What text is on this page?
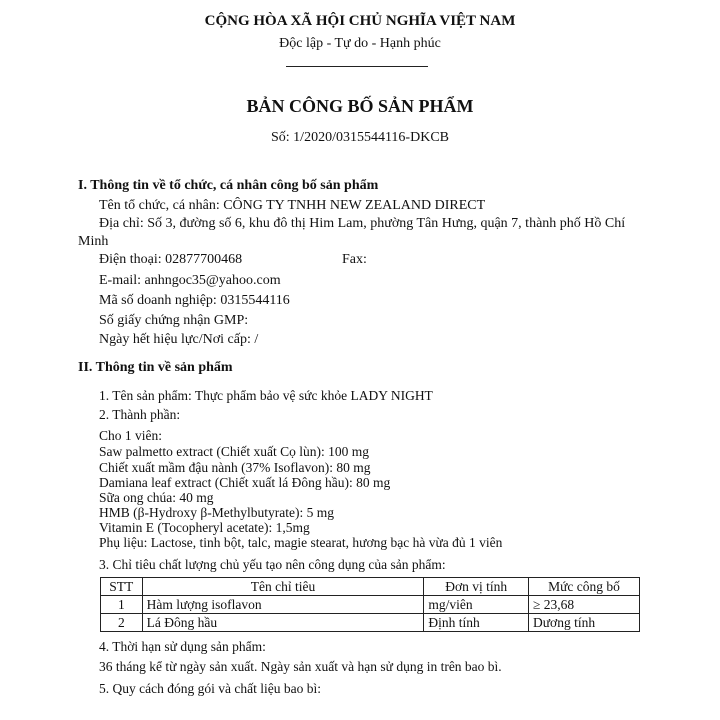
CỘNG HÒA XÃ HỘI CHỦ NGHĨA VIỆT NAM
Độc lập - Tự do - Hạnh phúc
BẢN CÔNG BỐ SẢN PHẨM
Số: 1/2020/0315544116-DKCB
I. Thông tin về tổ chức, cá nhân công bố sản phẩm
Tên tổ chức, cá nhân: CÔNG TY TNHH NEW ZEALAND DIRECT
Địa chỉ: Số 3, đường số 6, khu đô thị Him Lam, phường Tân Hưng, quận 7, thành phố Hồ Chí
Minh
Điện thoại: 02877700468	Fax:
E-mail: anhngoc35@yahoo.com
Mã số doanh nghiệp: 0315544116
Số giấy chứng nhận GMP:
Ngày hết hiệu lực/Nơi cấp: /
II. Thông tin về sản phẩm
1. Tên sản phẩm: Thực phẩm bảo vệ sức khỏe LADY NIGHT
2. Thành phần:
Cho 1 viên:
Saw palmetto extract (Chiết xuất Cọ lùn): 100 mg
Chiết xuất mầm đậu nành (37% Isoflavon): 80 mg
Damiana leaf extract (Chiết xuất lá Đông hầu): 80 mg
Sữa ong chúa: 40 mg
HMB (β-Hydroxy β-Methylbutyrate): 5 mg
Vitamin E (Tocopheryl acetate): 1,5mg
Phụ liệu: Lactose, tinh bột, talc, magie stearat, hương bạc hà vừa đủ 1 viên
3. Chỉ tiêu chất lượng chủ yếu tạo nên công dụng của sản phẩm:
STT	Tên chỉ tiêu	Đơn vị tính	Mức công bố
1	Hàm lượng isoflavon	mg/viên	≥ 23,68
2	Lá Đông hầu	Định tính	Dương tính
4. Thời hạn sử dụng sản phẩm:
36 tháng kể từ ngày sản xuất. Ngày sản xuất và hạn sử dụng in trên bao bì.
5. Quy cách đóng gói và chất liệu bao bì:
